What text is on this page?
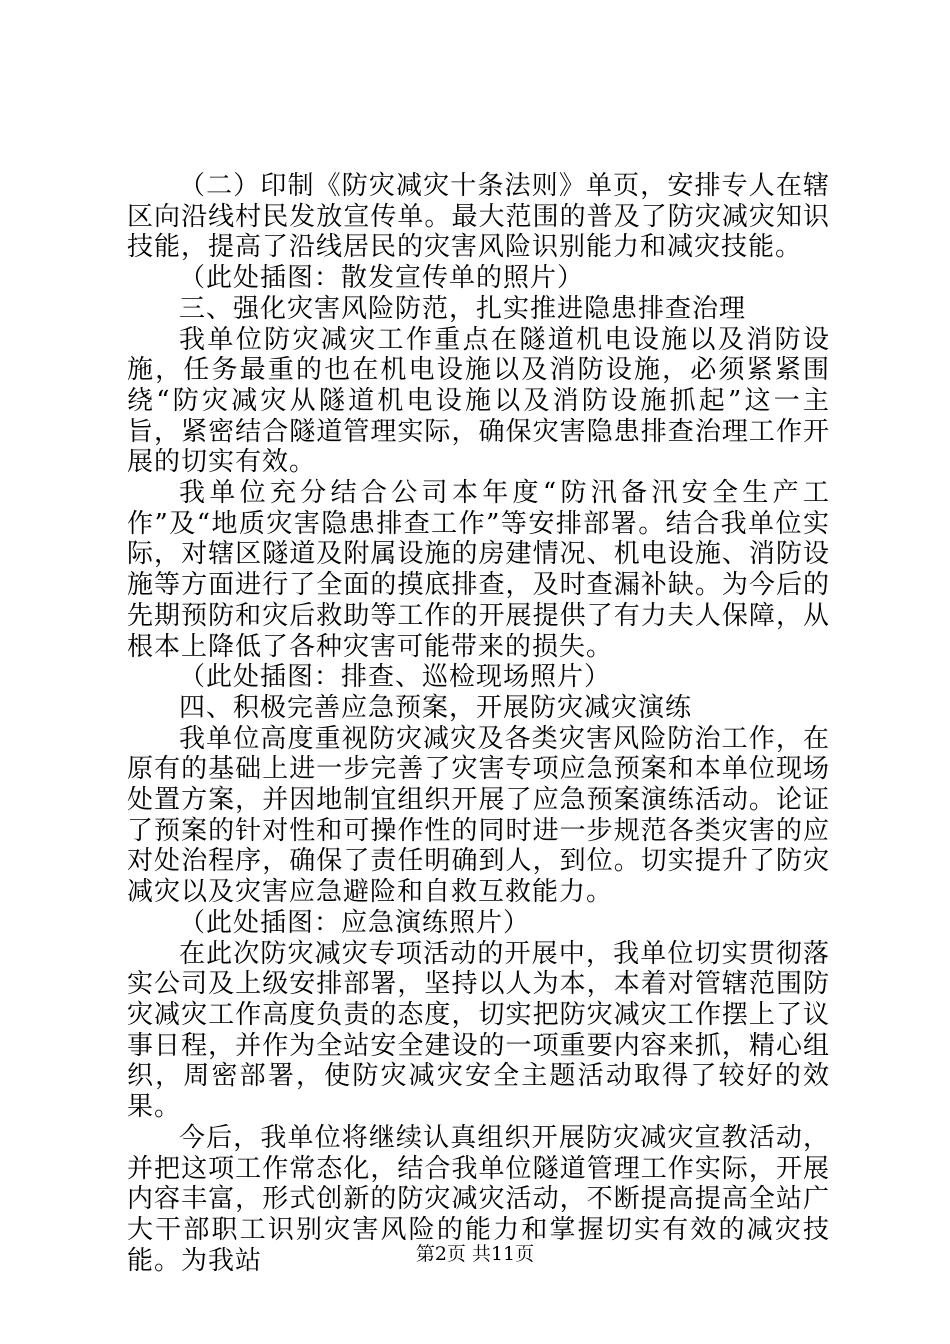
（二）印制《防灾减灾十条法则》单页，安排专人在辖区向沿线村民发放宣传单。最大范围的普及了防灾减灾知识技能，提高了沿线居民的灾害风险识别能力和减灾技能。

（此处插图：散发宣传单的照片）

三、强化灾害风险防范，扎实推进隐患排查治理

我单位防灾减灾工作重点在隧道机电设施以及消防设施，任务最重的也在机电设施以及消防设施，必须紧紧围绕“防灾减灾从隧道机电设施以及消防设施抓起”这一主旨，紧密结合隧道管理实际，确保灾害隐患排查治理工作开展的切实有效。

我单位充分结合公司本年度“防汛备汛安全生产工作”及“地质灾害隐患排查工作”等安排部署。结合我单位实际，对辖区隧道及附属设施的房建情况、机电设施、消防设施等方面进行了全面的摸底排查，及时查漏补缺。为今后的先期预防和灾后救助等工作的开展提供了有力夫人保障，从根本上降低了各种灾害可能带来的损失。

（此处插图：排查、巡检现场照片）

四、积极完善应急预案，开展防灾减灾演练

我单位高度重视防灾减灾及各类灾害风险防治工作，在原有的基础上进一步完善了灾害专项应急预案和本单位现场处置方案，并因地制宜组织开展了应急预案演练活动。论证了预案的针对性和可操作性的同时进一步规范各类灾害的应对处治程序，确保了责任明确到人，到位。切实提升了防灾减灾以及灾害应急避险和自救互救能力。

（此处插图：应急演练照片）

在此次防灾减灾专项活动的开展中，我单位切实贯彻落实公司及上级安排部署，坚持以人为本，本着对管辖范围防灾减灾工作高度负责的态度，切实把防灾减灾工作摆上了议事日程，并作为全站安全建设的一项重要内容来抓，精心组织，周密部署，使防灾减灾安全主题活动取得了较好的效果。

今后，我单位将继续认真组织开展防灾减灾宣教活动，并把这项工作常态化，结合我单位隧道管理工作实际，开展内容丰富，形式创新的防灾减灾活动，不断提高提高全站广大干部职工识别灾害风险的能力和掌握切实有效的减灾技能。为我站	第2页 共11页
